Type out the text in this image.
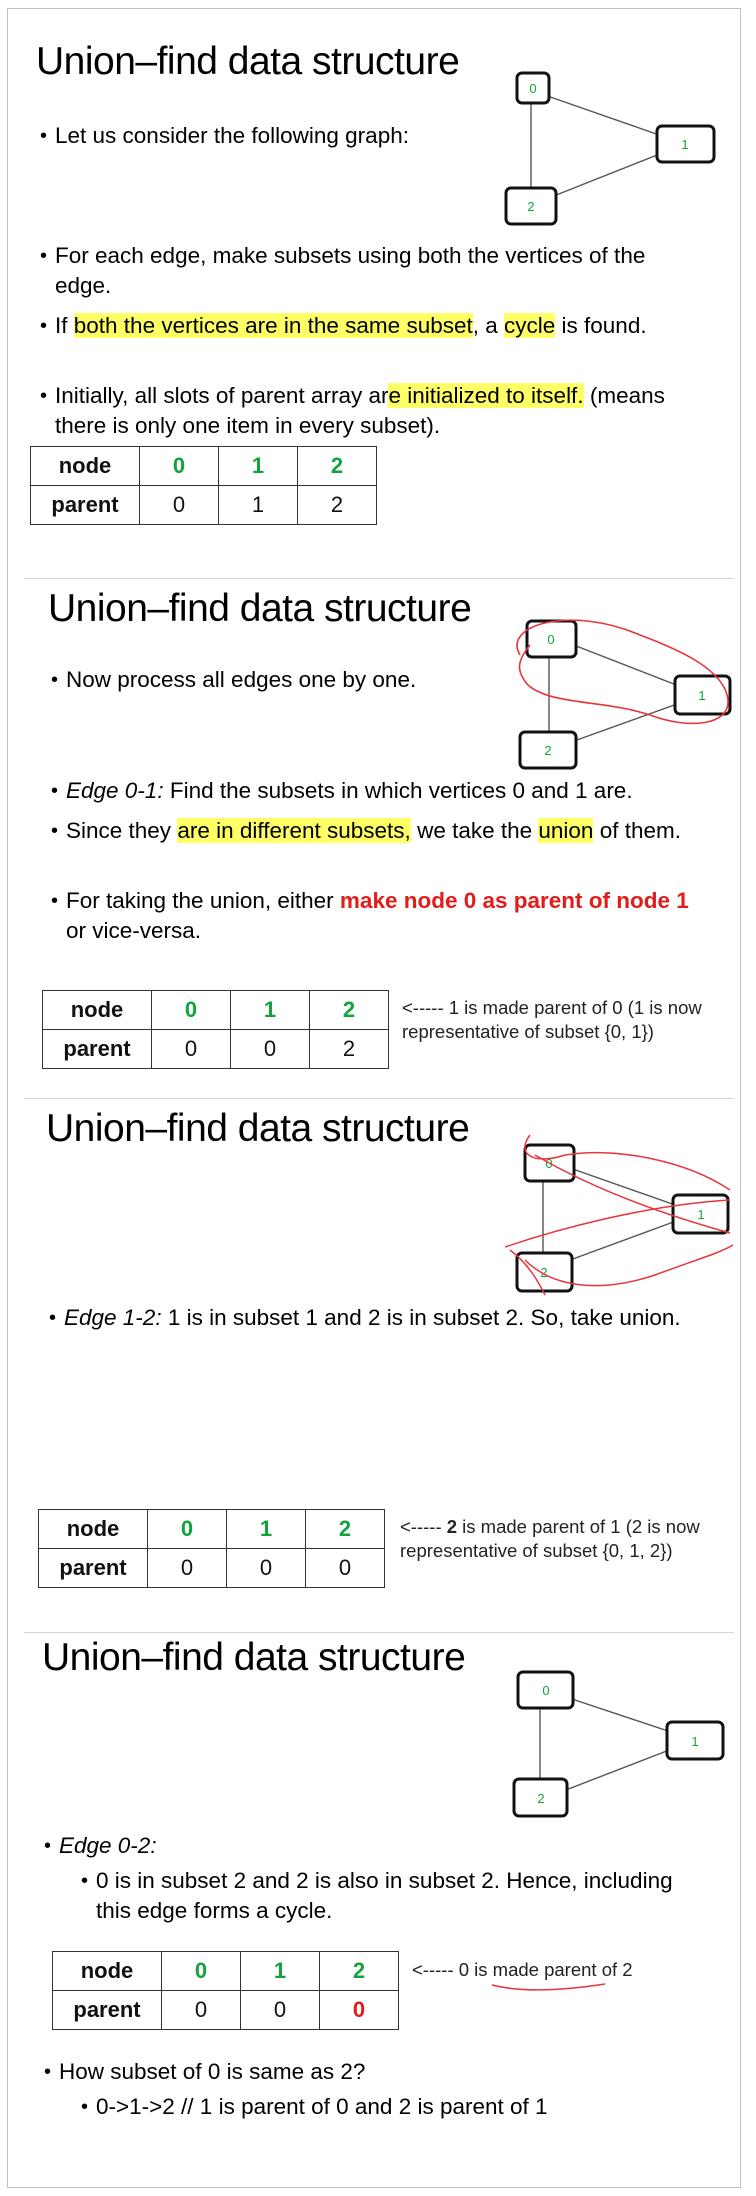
Union–find data structure
0
1
2
• Let us consider the following graph:
• For each edge, make subsets using both the vertices of the edge.
• If both the vertices are in the same subset, a cycle is found.
• Initially, all slots of parent array are initialized to itself. (means there is only one item in every subset).
node	0	1	2
parent	0	1	2
Union–find data structure
0
1
2
• Now process all edges one by one.
• Edge 0-1: Find the subsets in which vertices 0 and 1 are.
• Since they are in different subsets, we take the union of them.
• For taking the union, either make node 0 as parent of node 1 or vice-versa.
node	0	1	2
parent	0	0	2
<----- 1 is made parent of 0 (1 is now representative of subset {0, 1})
Union–find data structure
0
1
2
• Edge 1-2: 1 is in subset 1 and 2 is in subset 2. So, take union.
node	0	1	2
parent	0	0	0
<----- 2 is made parent of 1 (2 is now representative of subset {0, 1, 2})
Union–find data structure
0
1
2
• Edge 0-2:
• 0 is in subset 2 and 2 is also in subset 2. Hence, including this edge forms a cycle.
node	0	1	2
parent	0	0	0
<----- 0 is made parent of 2
• How subset of 0 is same as 2?
• 0->1->2 // 1 is parent of 0 and 2 is parent of 1
